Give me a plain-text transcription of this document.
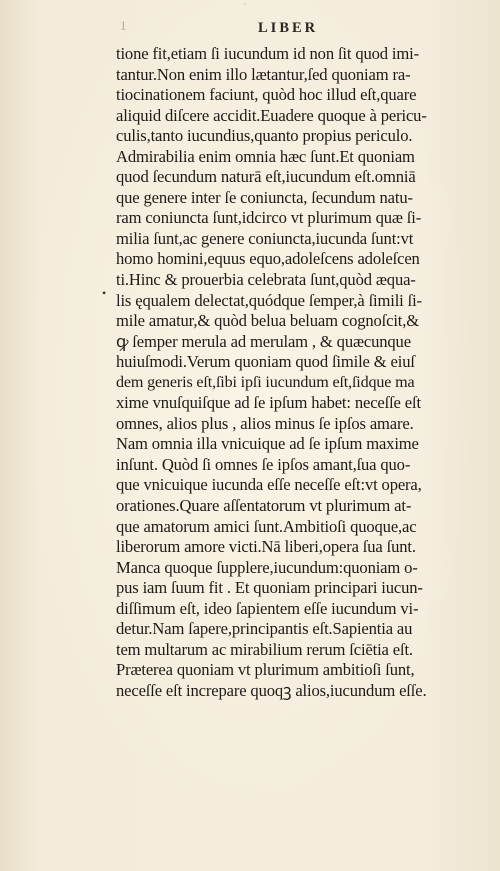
⁠1
'
LIBER
•
tione fit,etiam ſi iucundum id non ſit quod imi-
tantur.Non enim illo lætantur,ſed quoniam ra-
tiocinationem faciunt, quòd hoc illud eſt,quare
aliquid diſcere accidit.Euadere quoque à pericu-
culis,tanto iucundius,quanto propius periculo.
Admirabilia enim omnia hæc ſunt.Et quoniam
quod ſecundum naturā eſt,iucundum eſt.omniā
que genere inter ſe coniuncta, ſecundum natu-
ram coniuncta ſunt,idcirco vt plurimum quæ ſi-
milia ſunt,ac genere coniuncta,iucunda ſunt:vt
homo homini,equus equo,adoleſcens adoleſcen
ti.Hinc & prouerbia celebrata ſunt,quòd æqua-
lis ęqualem delectat,quódque ſemper,à ſimili ſi-
mile amatur,& quòd belua beluam cognoſcit,&
ꝙ ſemper merula ad merulam , & quæcunque
huiuſmodi.Verum quoniam quod ſimile & eiuſ
dem generis eſt,ſibi ipſi iucundum eſt,ſidque ma
xime vnuſquiſque ad ſe ipſum habet: neceſſe eſt
omnes, alios plus , alios minus ſe ipſos amare.
Nam omnia illa vnicuique ad ſe ipſum maxime
inſunt. Quòd ſi omnes ſe ipſos amant,ſua quo-
que vnicuique iucunda eſſe neceſſe eſt:vt opera,
orationes.Quare aſſentatorum vt plurimum at-
que amatorum amici ſunt.Ambitioſi quoque,ac
liberorum amore victi.Nā liberi,opera ſua ſunt.
Manca quoque ſupplere,iucundum:quoniam o-
pus iam ſuum fit . Et quoniam principari iucun-
diſſimum eſt, ideo ſapientem eſſe iucundum vi-
detur.Nam ſapere,principantis eſt.Sapientia au
tem multarum ac mirabilium rerum ſciētia eſt.
Præterea quoniam vt plurimum ambitioſi ſunt,
neceſſe eſt increpare quoqꝫ alios,iucundum eſſe.
